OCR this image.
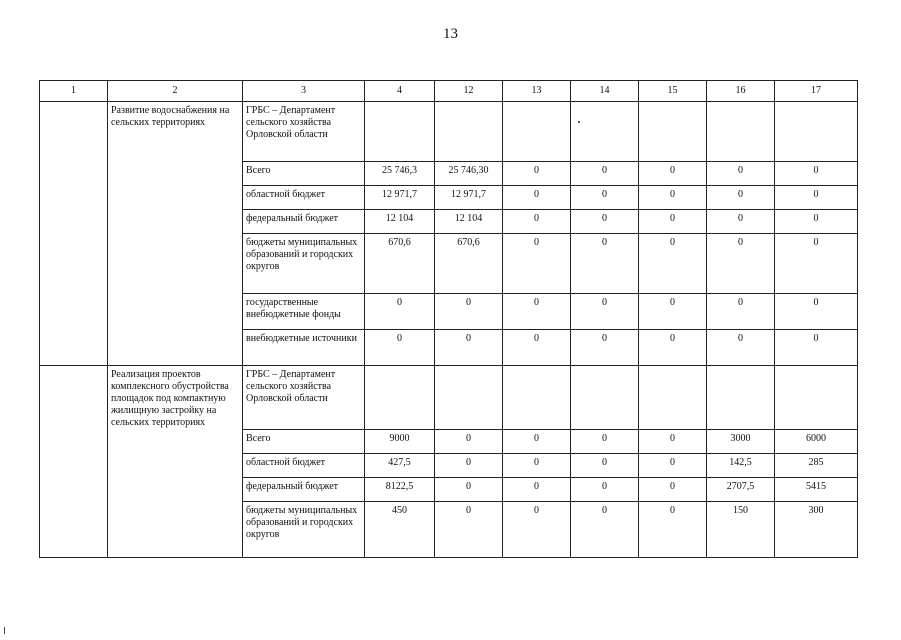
13
1	2	3	4	12	13	14	15	16	17
	Развитие водоснабжения на сельских территориях	ГРБС – Департамент сельского хозяйства Орловской области							
		Всего	25 746,3	25 746,30	0	0	0	0	0
		областной бюджет	12 971,7	12 971,7	0	0	0	0	0
		федеральный бюджет	12 104	12 104	0	0	0	0	0
		бюджеты муниципальных образований и городских округов	670,6	670,6	0	0	0	0	0
		государственные внебюджетные фонды	0	0	0	0	0	0	0
		внебюджетные источники	0	0	0	0	0	0	0
	Реализация проектов комплексного обустройства площадок под компактную жилищную застройку на сельских территориях	ГРБС – Департамент сельского хозяйства Орловской области							
		Всего	9000	0	0	0	0	3000	6000
		областной бюджет	427,5	0	0	0	0	142,5	285
		федеральный бюджет	8122,5	0	0	0	0	2707,5	5415
		бюджеты муниципальных образований и городских округов	450	0	0	0	0	150	300
